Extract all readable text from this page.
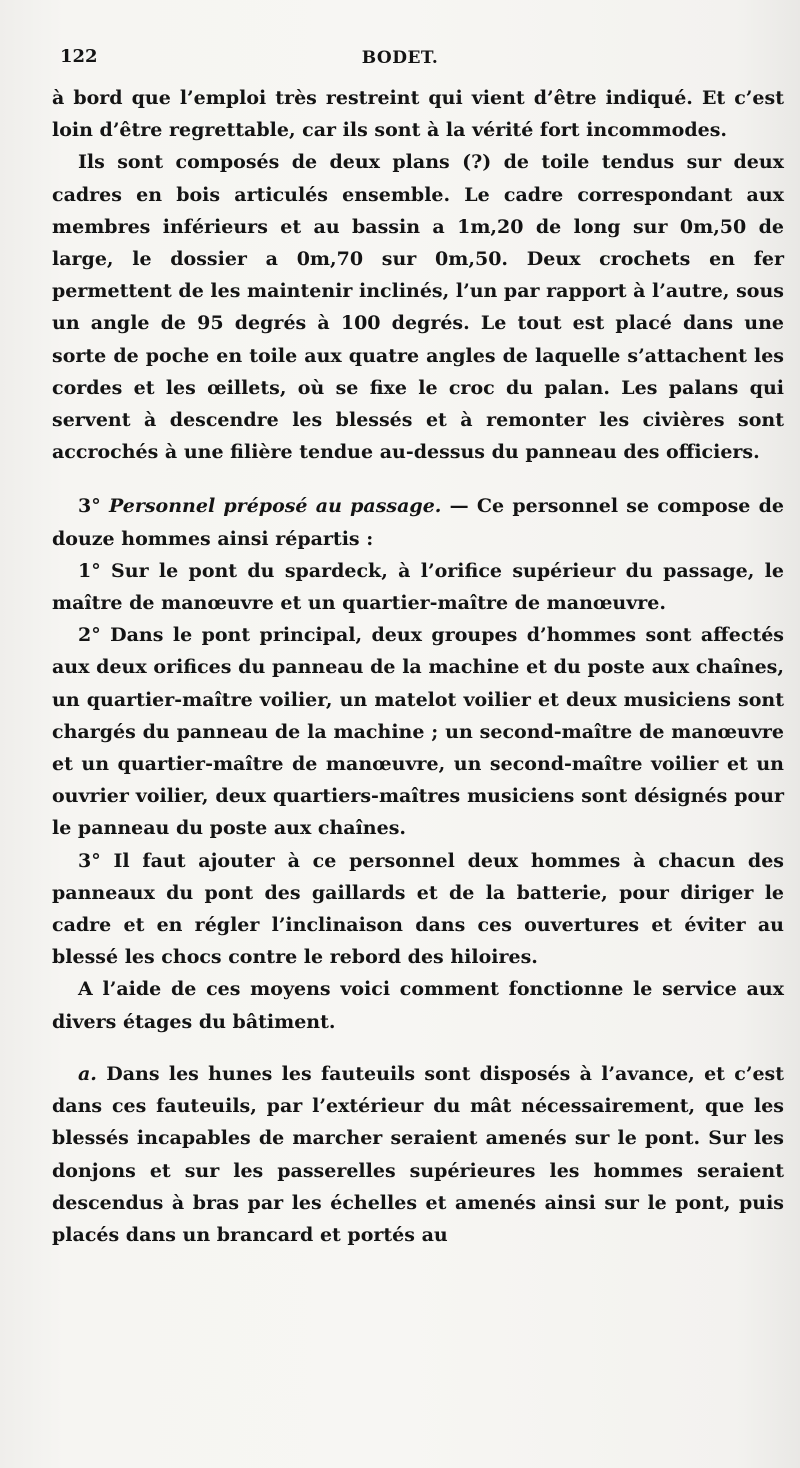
122	BODET.

à bord que l’emploi très restreint qui vient d’être indiqué. Et c’est loin d’être regrettable, car ils sont à la vérité fort incommodes.

Ils sont composés de deux plans (?) de toile tendus sur deux cadres en bois articulés ensemble. Le cadre correspondant aux membres inférieurs et au bassin a 1m,20 de long sur 0m,50 de large, le dossier a 0m,70 sur 0m,50. Deux crochets en fer permettent de les maintenir inclinés, l’un par rapport à l’autre, sous un angle de 95 degrés à 100 degrés. Le tout est placé dans une sorte de poche en toile aux quatre angles de laquelle s’attachent les cordes et les œillets, où se fixe le croc du palan. Les palans qui servent à descendre les blessés et à remonter les civières sont accrochés à une filière tendue au-dessus du panneau des officiers.

3° Personnel préposé au passage. — Ce personnel se compose de douze hommes ainsi répartis :

1° Sur le pont du spardeck, à l’orifice supérieur du passage, le maître de manœuvre et un quartier-maître de manœuvre.

2° Dans le pont principal, deux groupes d’hommes sont affectés aux deux orifices du panneau de la machine et du poste aux chaînes, un quartier-maître voilier, un matelot voilier et deux musiciens sont chargés du panneau de la machine ; un second-maître de manœuvre et un quartier-maître de manœuvre, un second-maître voilier et un ouvrier voilier, deux quartiers-maîtres musiciens sont désignés pour le panneau du poste aux chaînes.

3° Il faut ajouter à ce personnel deux hommes à chacun des panneaux du pont des gaillards et de la batterie, pour diriger le cadre et en régler l’inclinaison dans ces ouvertures et éviter au blessé les chocs contre le rebord des hiloires.

A l’aide de ces moyens voici comment fonctionne le service aux divers étages du bâtiment.

a. Dans les hunes les fauteuils sont disposés à l’avance, et c’est dans ces fauteuils, par l’extérieur du mât nécessairement, que les blessés incapables de marcher seraient amenés sur le pont. Sur les donjons et sur les passerelles supérieures les hommes seraient descendus à bras par les échelles et amenés ainsi sur le pont, puis placés dans un brancard et portés au
